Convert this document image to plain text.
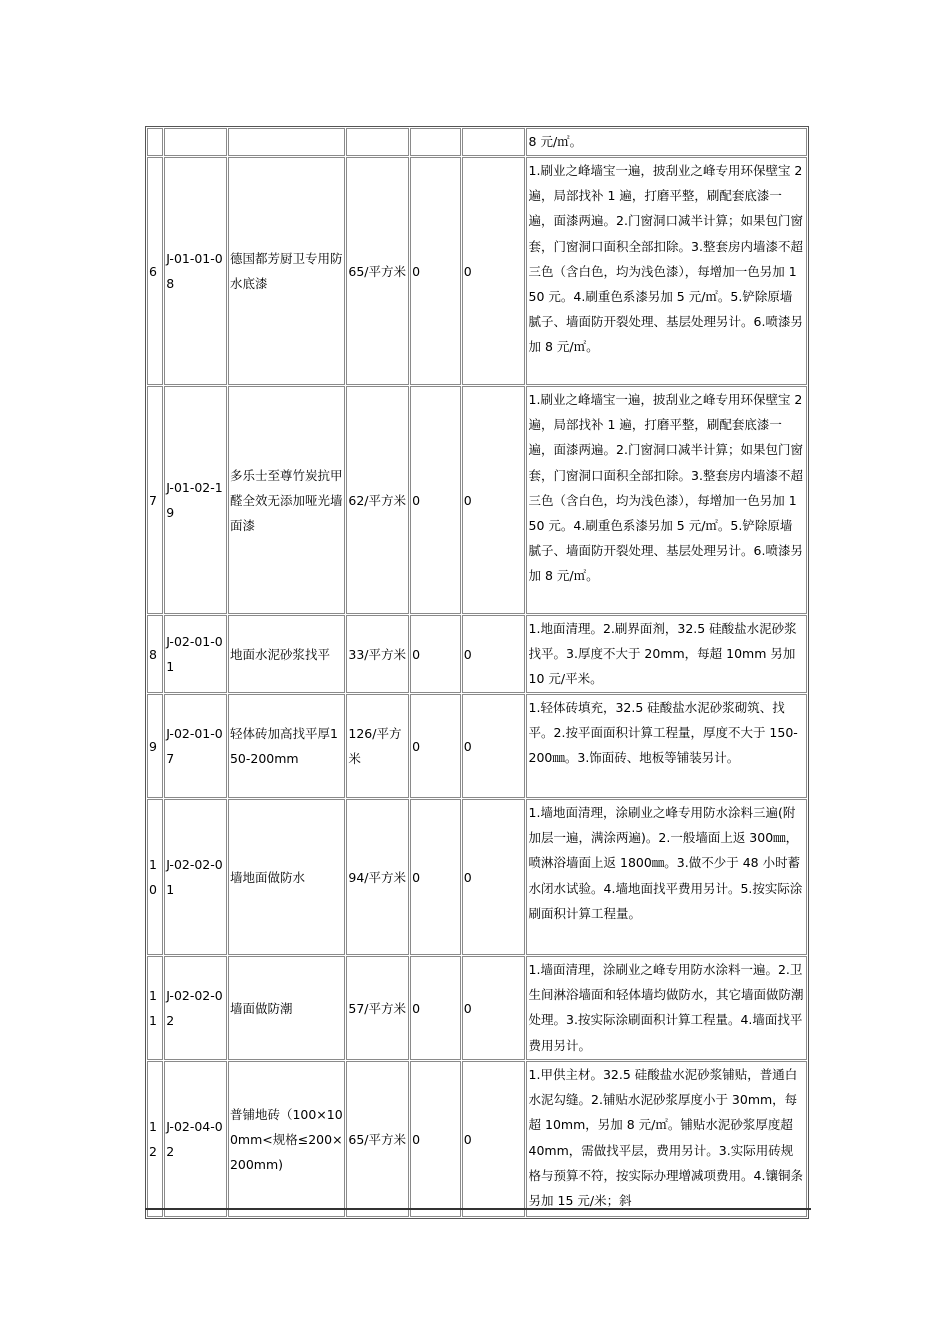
						8 元/㎡。
6	J-01-01-08	德国都芳厨卫专用防水底漆	65/平方米	0	0	1.刷业之峰墙宝一遍，披刮业之峰专用环保壁宝 2 遍，局部找补 1 遍，打磨平整，刷配套底漆一遍，面漆两遍。2.门窗洞口减半计算；如果包门窗套，门窗洞口面积全部扣除。3.整套房内墙漆不超三色（含白色，均为浅色漆），每增加一色另加 150 元。4.刷重色系漆另加 5 元/㎡。5.铲除原墙腻子、墙面防开裂处理、基层处理另计。6.喷漆另加 8 元/㎡。
7	J-01-02-19	多乐士至尊竹炭抗甲醛全效无添加哑光墙面漆	62/平方米	0	0	1.刷业之峰墙宝一遍，披刮业之峰专用环保壁宝 2 遍，局部找补 1 遍，打磨平整，刷配套底漆一遍，面漆两遍。2.门窗洞口减半计算；如果包门窗套，门窗洞口面积全部扣除。3.整套房内墙漆不超三色（含白色，均为浅色漆），每增加一色另加 150 元。4.刷重色系漆另加 5 元/㎡。5.铲除原墙腻子、墙面防开裂处理、基层处理另计。6.喷漆另加 8 元/㎡。
8	J-02-01-01	地面水泥砂浆找平	33/平方米	0	0	1.地面清理。2.刷界面剂，32.5 硅酸盐水泥砂浆找平。3.厚度不大于 20mm，每超 10mm 另加 10 元/平米。
9	J-02-01-07	轻体砖加高找平厚150-200mm	126/平方米	0	0	1.轻体砖填充，32.5 硅酸盐水泥砂浆砌筑、找平。2.按平面面积计算工程量，厚度不大于 150-200㎜。3.饰面砖、地板等铺装另计。
10	J-02-02-01	墙地面做防水	94/平方米	0	0	1.墙地面清理，涂刷业之峰专用防水涂料三遍(附加层一遍，满涂两遍)。2.一般墙面上返 300㎜，喷淋浴墙面上返 1800㎜。3.做不少于 48 小时蓄水闭水试验。4.墙地面找平费用另计。5.按实际涂刷面积计算工程量。
11	J-02-02-02	墙面做防潮	57/平方米	0	0	1.墙面清理，涂刷业之峰专用防水涂料一遍。2.卫生间淋浴墙面和轻体墙均做防水，其它墙面做防潮处理。3.按实际涂刷面积计算工程量。4.墙面找平费用另计。
12	J-02-04-02	普铺地砖（100×100mm<规格≤200×200mm)	65/平方米	0	0	1.甲供主材。32.5 硅酸盐水泥砂浆铺贴，普通白水泥勾缝。2.铺贴水泥砂浆厚度小于 30mm，每超 10mm，另加 8 元/㎡。铺贴水泥砂浆厚度超 40mm，需做找平层，费用另计。3.实际用砖规格与预算不符，按实际办理增减项费用。4.镶铜条另加 15 元/米；斜
